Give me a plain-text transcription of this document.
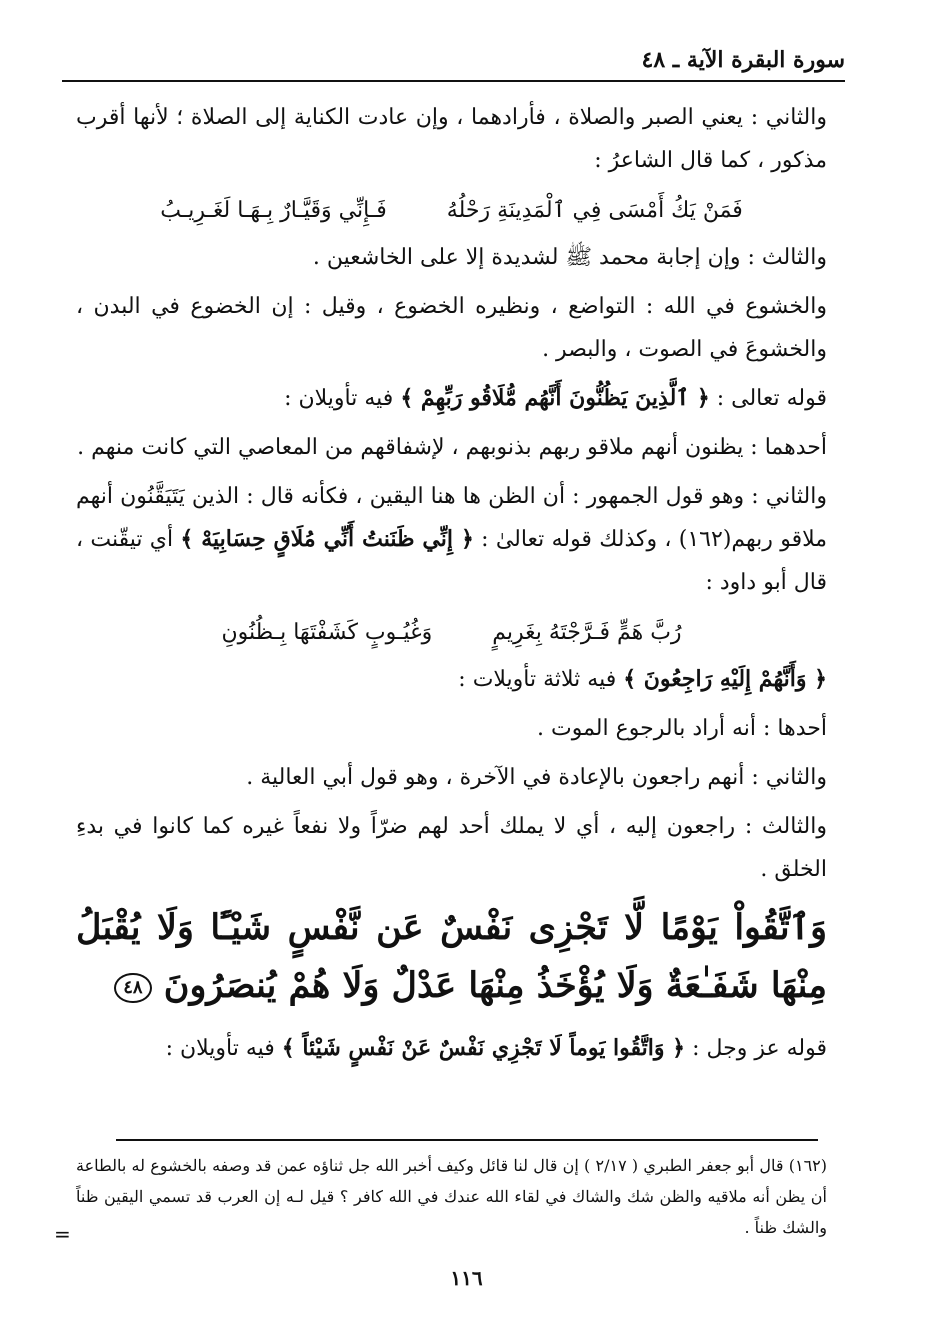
سورة البقرة الآية ـ ٤٨

والثاني : يعني الصبر والصلاة ، فأرادهما ، وإن عادت الكناية إلى الصلاة ؛ لأنها أقرب مذكور ، كما قال الشاعرُ :

فَمَنْ يَكُ أَمْسَى فِي ٱلْمَدِينَةِ رَحْلُهُ
فَـإِنِّي وَقَيَّـارٌ بِـهَـا لَغَـرِيـبُ

والثالث : وإن إجابة محمد ﷺ لشديدة إلا على الخاشعين .

والخشوع في الله : التواضع ، ونظيره الخضوع ، وقيل : إن الخضوع في البدن ، والخشوعَ في الصوت ، والبصر .

قوله تعالى : ﴿ ٱلَّذِينَ يَظُنُّونَ أَنَّهُم مُّلَاقُو رَبِّهِمْ ﴾ فيه تأويلان :

أحدهما : يظنون أنهم ملاقو ربهم بذنوبهم ، لإشفاقهم من المعاصي التي كانت منهم .

والثاني : وهو قول الجمهور : أن الظن ها هنا اليقين ، فكأنه قال : الذين يَتَيَقَّنُون أنهم ملاقو ربهم(١٦٢) ، وكذلك قوله تعالىٰ : ﴿ إِنِّي ظَنَنتُ أَنِّي مُلَاقٍ حِسَابِيَهْ ﴾ أي تيقّنت ، قال أبو داود :

رُبَّ هَمٍّ فَـرَّجْتَهُ بِغَرِيمٍ
وَغُيُـوبٍ كَشَفْتَهَا بِـظُنُونِ

﴿ وَأَنَّهُمْ إِلَيْهِ رَاجِعُونَ ﴾ فيه ثلاثة تأويلات :

أحدها : أنه أراد بالرجوع الموت .

والثاني : أنهم راجعون بالإعادة في الآخرة ، وهو قول أبي العالية .

والثالث : راجعون إليه ، أي لا يملك أحد لهم ضرّاً ولا نفعاً غيره كما كانوا في بدءِ الخلق .

وَٱتَّقُواْ يَوْمًا لَّا تَجْزِى نَفْسٌ عَن نَّفْسٍ شَيْـًٔا وَلَا يُقْبَلُ مِنْهَا شَفَـٰعَةٌ وَلَا يُؤْخَذُ مِنْهَا عَدْلٌ وَلَا هُمْ يُنصَرُونَ ٤٨

قوله عز وجل : ﴿ وَاتَّقُوا يَوماً لَا تَجْزِي نَفْسٌ عَنْ نَفْسٍ شَيْئاً ﴾ فيه تأويلان :

(١٦٢) قال أبو جعفر الطبري ( ٢/١٧ ) إن قال لنا قائل وكيف أخبر الله جل ثناؤه عمن قد وصفه بالخشوع له بالطاعة أن يظن أنه ملاقيه والظن شك والشاك في لقاء الله عندك في الله كافر ؟ قيل لـه إن العرب قد تسمي اليقين ظناً والشك ظناً .

=
١١٦
